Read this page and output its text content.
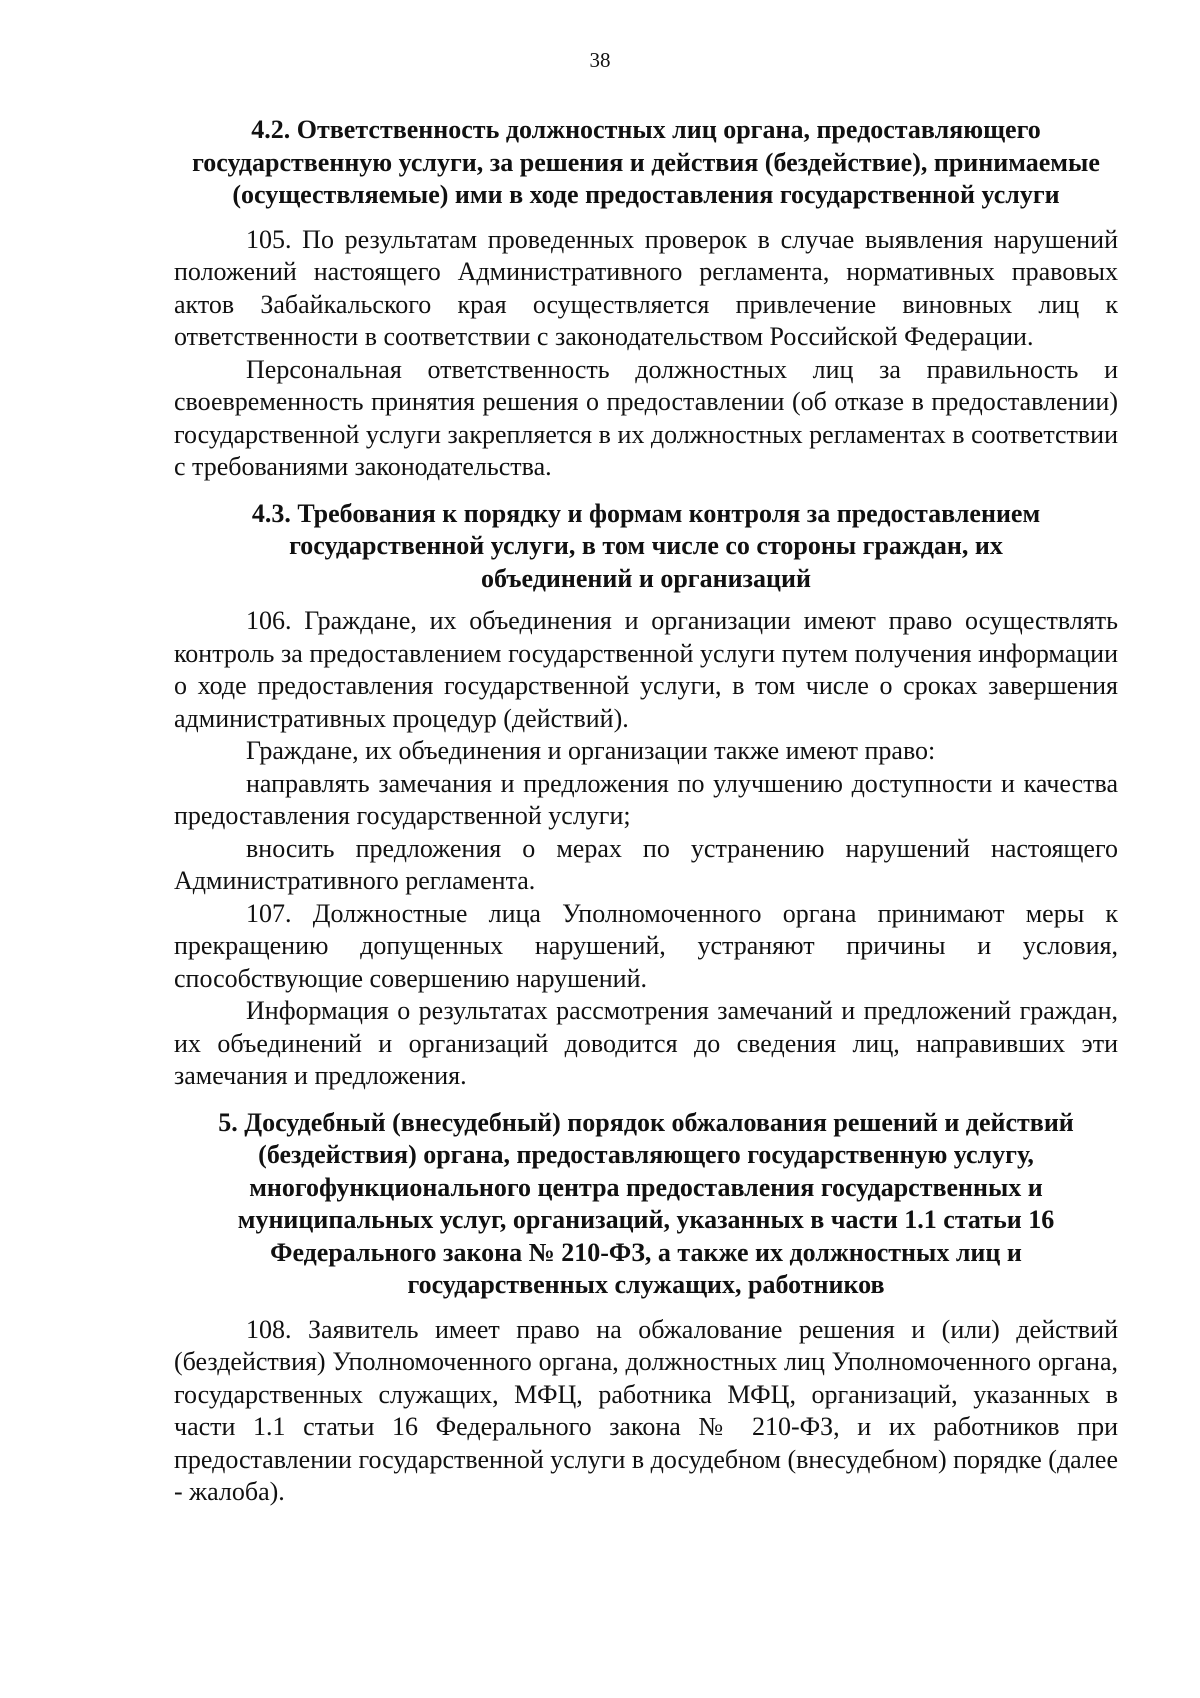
38
4.2. Ответственность должностных лиц органа, предоставляющего государственную услуги, за решения и действия (бездействие), принимаемые (осуществляемые) ими в ходе предоставления государственной услуги

105. По результатам проведенных проверок в случае выявления нарушений положений настоящего Административного регламента, нормативных правовых актов Забайкальского края осуществляется привлечение виновных лиц к ответственности в соответствии с законодательством Российской Федерации.

Персональная ответственность должностных лиц за правильность и своевременность принятия решения о предоставлении (об отказе в предоставлении) государственной услуги закрепляется в их должностных регламентах в соответствии с требованиями законодательства.

4.3. Требования к порядку и формам контроля за предоставлением государственной услуги, в том числе со стороны граждан, их объединений и организаций

106. Граждане, их объединения и организации имеют право осуществлять контроль за предоставлением государственной услуги путем получения информации о ходе предоставления государственной услуги, в том числе о сроках завершения административных процедур (действий).

Граждане, их объединения и организации также имеют право:

направлять замечания и предложения по улучшению доступности и качества предоставления государственной услуги;

вносить предложения о мерах по устранению нарушений настоящего Административного регламента.

107. Должностные лица Уполномоченного органа принимают меры к прекращению допущенных нарушений, устраняют причины и условия, способствующие совершению нарушений.

Информация о результатах рассмотрения замечаний и предложений граждан, их объединений и организаций доводится до сведения лиц, направивших эти замечания и предложения.

5. Досудебный (внесудебный) порядок обжалования решений и действий (бездействия) органа, предоставляющего государственную услугу, многофункционального центра предоставления государственных и муниципальных услуг, организаций, указанных в части 1.1 статьи 16 Федерального закона № 210-ФЗ, а также их должностных лиц и государственных служащих, работников

108. Заявитель имеет право на обжалование решения и (или) действий (бездействия) Уполномоченного органа, должностных лиц Уполномоченного органа, государственных служащих, МФЦ, работника МФЦ, организаций, указанных в части 1.1 статьи 16 Федерального закона № 210-ФЗ, и их работников при предоставлении государственной услуги в досудебном (внесудебном) порядке (далее - жалоба).
